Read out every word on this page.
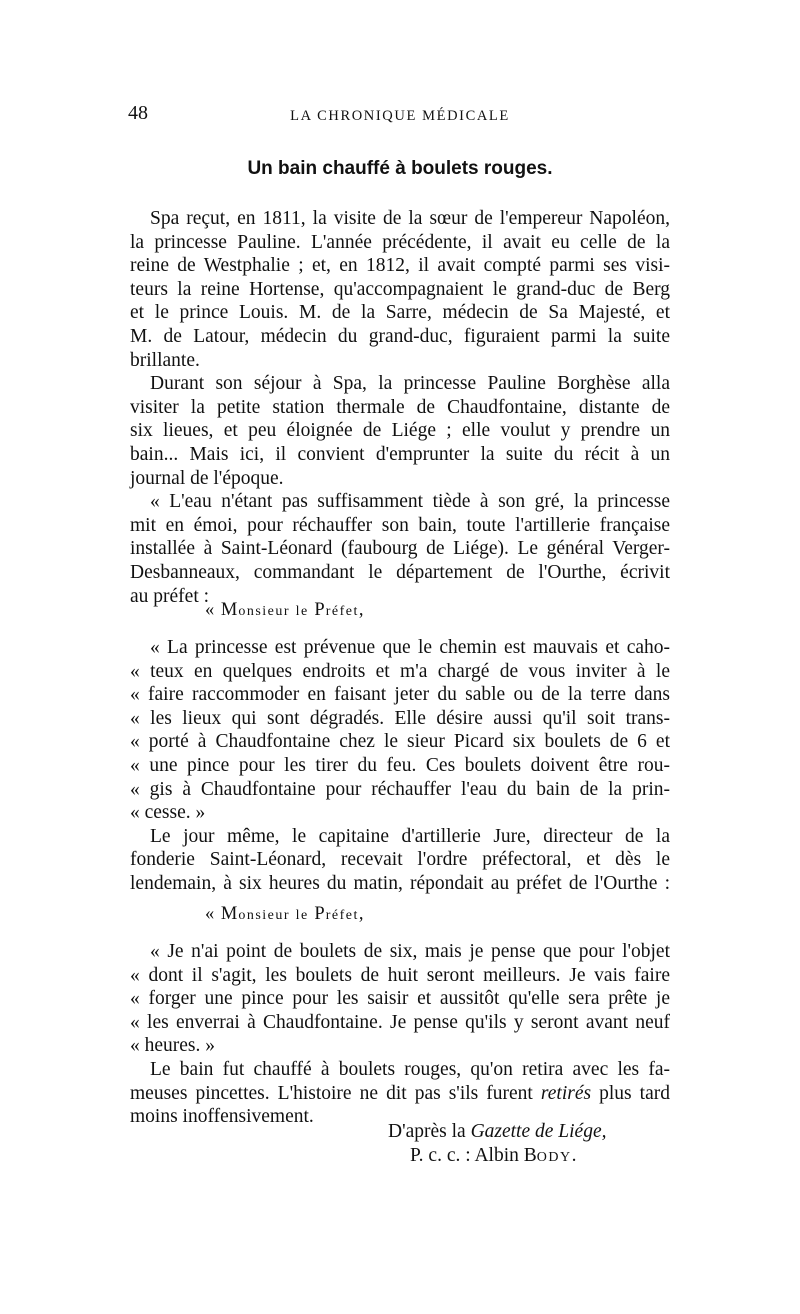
48	LA CHRONIQUE MÉDICALE
Un bain chauffé à boulets rouges.
Spa reçut, en 1811, la visite de la sœur de l'empereur Napoléon,
la princesse Pauline. L'année précédente, il avait eu celle de la
reine de Westphalie ; et, en 1812, il avait compté parmi ses visi-
teurs la reine Hortense, qu'accompagnaient le grand-duc de Berg
et le prince Louis. M. de la Sarre, médecin de Sa Majesté, et
M. de Latour, médecin du grand-duc, figuraient parmi la suite
brillante.
Durant son séjour à Spa, la princesse Pauline Borghèse alla
visiter la petite station thermale de Chaudfontaine, distante de
six lieues, et peu éloignée de Liége ; elle voulut y prendre un
bain... Mais ici, il convient d'emprunter la suite du récit à un
journal de l'époque.
« L'eau n'étant pas suffisamment tiède à son gré, la princesse
mit en émoi, pour réchauffer son bain, toute l'artillerie française
installée à Saint-Léonard (faubourg de Liége). Le général Verger-
Desbanneaux, commandant le département de l'Ourthe, écrivit
au préfet :
« Monsieur le Préfet,
« La princesse est prévenue que le chemin est mauvais et caho-
« teux en quelques endroits et m'a chargé de vous inviter à le
« faire raccommoder en faisant jeter du sable ou de la terre dans
« les lieux qui sont dégradés. Elle désire aussi qu'il soit trans-
« porté à Chaudfontaine chez le sieur Picard six boulets de 6 et
« une pince pour les tirer du feu. Ces boulets doivent être rou-
« gis à Chaudfontaine pour réchauffer l'eau du bain de la prin-
« cesse. »
Le jour même, le capitaine d'artillerie Jure, directeur de la
fonderie Saint-Léonard, recevait l'ordre préfectoral, et dès le
lendemain, à six heures du matin, répondait au préfet de l'Ourthe :
« Monsieur le Préfet,
« Je n'ai point de boulets de six, mais je pense que pour l'objet
« dont il s'agit, les boulets de huit seront meilleurs. Je vais faire
« forger une pince pour les saisir et aussitôt qu'elle sera prête je
« les enverrai à Chaudfontaine. Je pense qu'ils y seront avant neuf
« heures. »
Le bain fut chauffé à boulets rouges, qu'on retira avec les fa-
meuses pincettes. L'histoire ne dit pas s'ils furent retirés plus tard
moins inoffensivement.
D'après la Gazette de Liége,
P. c. c. : Albin BODY.
